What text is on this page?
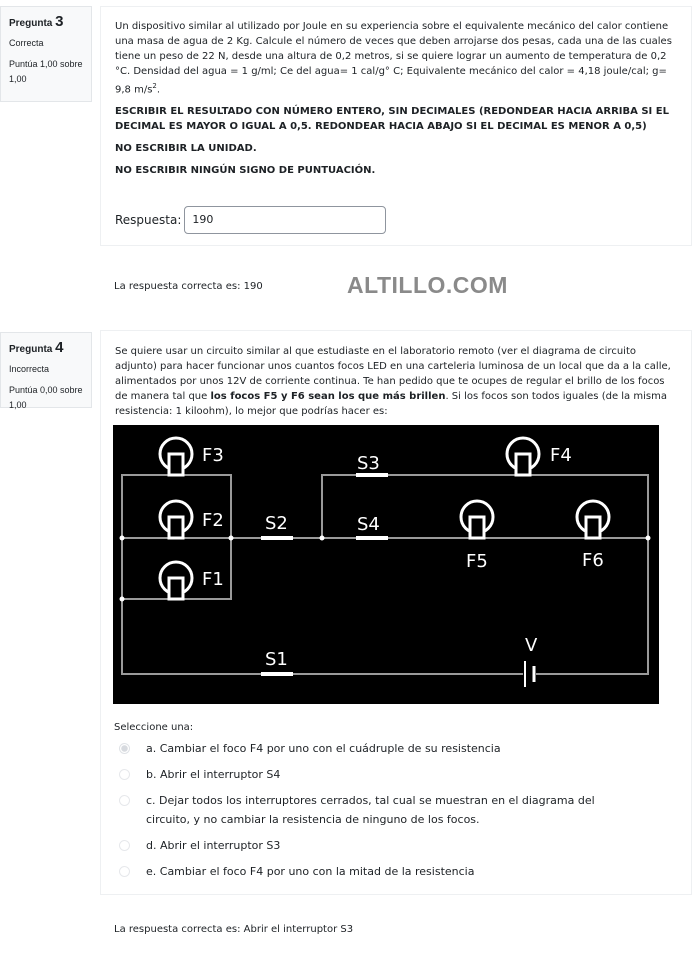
Pregunta 3
Correcta
Puntúa 1,00 sobre 1,00

Un dispositivo similar al utilizado por Joule en su experiencia sobre el equivalente mecánico del calor contiene una masa de agua de 2 Kg. Calcule el número de veces que deben arrojarse dos pesas, cada una de las cuales tiene un peso de 22 N, desde una altura de 0,2 metros, si se quiere lograr un aumento de temperatura de 0,2 °C. Densidad del agua = 1 g/ml; Ce del agua= 1 cal/g° C; Equivalente mecánico del calor = 4,18 joule/cal; g= 9,8 $m/s^2$.

ESCRIBIR EL RESULTADO CON NÚMERO ENTERO, SIN DECIMALES (REDONDEAR HACIA ARRIBA SI EL DECIMAL ES MAYOR O IGUAL A 0,5. REDONDEAR HACIA ABAJO SI EL DECIMAL ES MENOR A 0,5)

NO ESCRIBIR LA UNIDAD.

NO ESCRIBIR NINGÚN SIGNO DE PUNTUACIÓN.

Respuesta:	190
La respuesta correcta es: 190	ALTILLO.COM
Pregunta 4
Incorrecta
Puntúa 0,00 sobre 1,00

Se quiere usar un circuito similar al que estudiaste en el laboratorio remoto (ver el diagrama de circuito adjunto) para hacer funcionar unos cuantos focos LED en una carteleria luminosa de un local que da a la calle, alimentados por unos 12V de corriente continua. Te han pedido que te ocupes de regular el brillo de los focos de manera tal que los focos F5 y F6 sean los que más brillen. Si los focos son todos iguales (de la misma resistencia: 1 kiloohm), lo mejor que podrías hacer es:

F3
F2
F1
F4
F5	F6
S2
S3
S4
S1
V

Seleccione una:

a. Cambiar el foco F4 por uno con el cuádruple de su resistencia
b. Abrir el interruptor S4
c. Dejar todos los interruptores cerrados, tal cual se muestran en el diagrama del circuito, y no cambiar la resistencia de ninguno de los focos.
d. Abrir el interruptor S3
e. Cambiar el foco F4 por uno con la mitad de la resistencia
La respuesta correcta es: Abrir el interruptor S3
